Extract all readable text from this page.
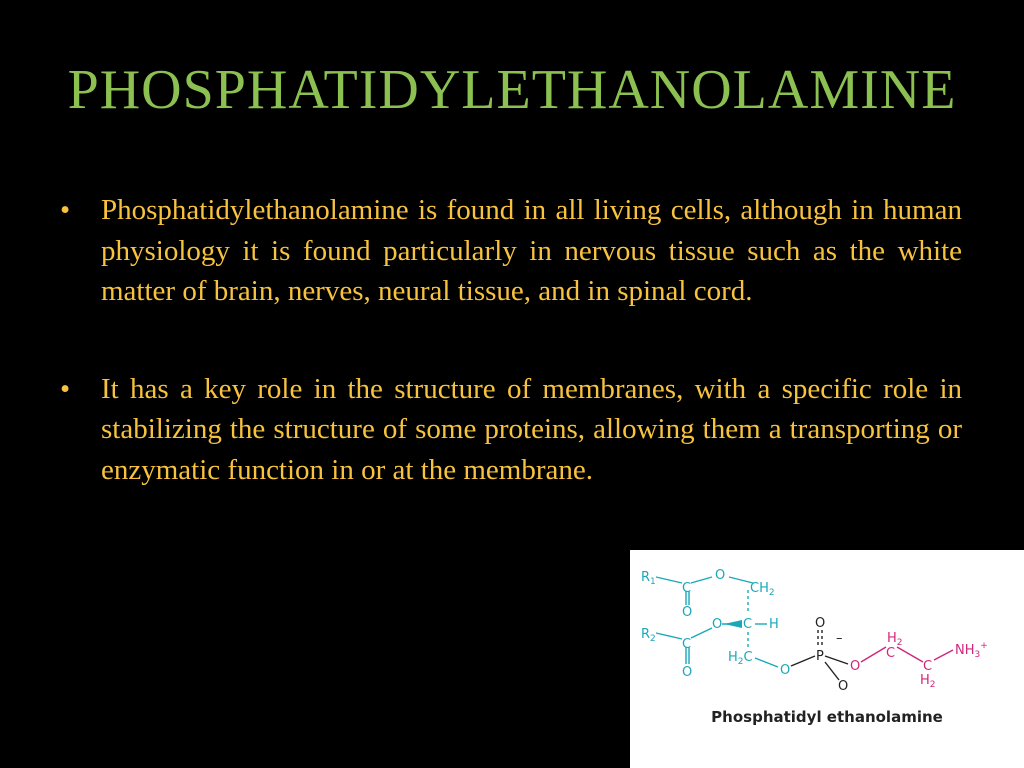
PHOSPHATIDYLETHANOLAMINE
•	Phosphatidylethanolamine is found in all living cells, although in human physiology it is found particularly in nervous tissue such as the white matter of brain, nerves, neural tissue, and in spinal cord.
•	It has a key role in the structure of membranes, with a specific role in stabilizing the structure of some proteins, allowing them a transporting or enzymatic function in or at the membrane.
$R_1$ C
O
$CH_2$
O
$R_2$ C
O C H
O
$H_2C$
O
O
P
–
O
O
$H_2$
C
C
$H_2$
$NH_3^+$
Phosphatidyl ethanolamine
